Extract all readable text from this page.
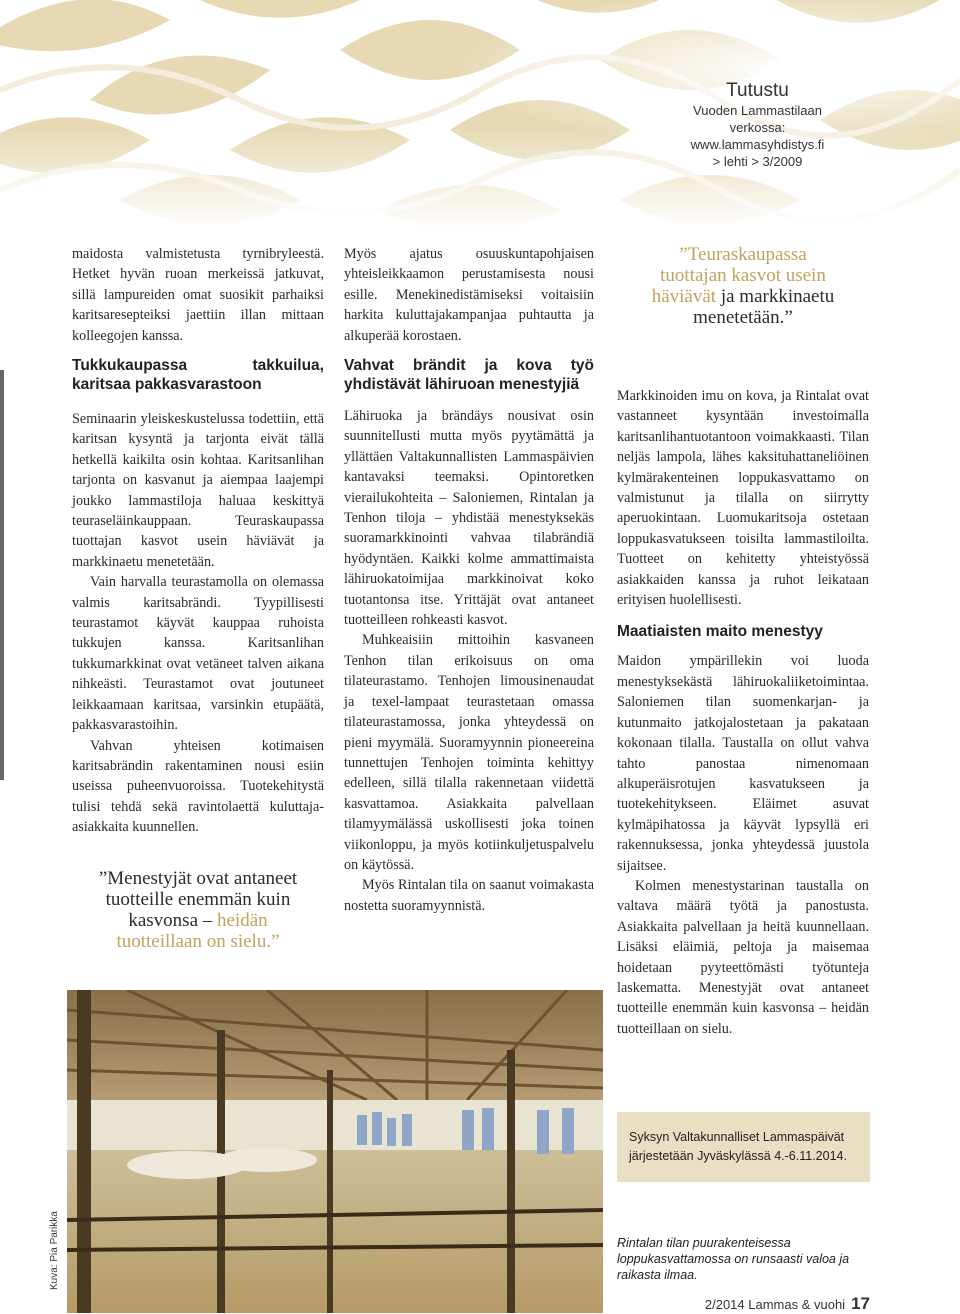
Tutustu
Vuoden Lammastilaan
verkossa:
www.lammasyhdistys.fi
> lehti > 3/2009

maidosta valmistetusta tyrnibryleestä. Hetket hyvän ruoan merkeissä jatkuvat, sillä lampureiden omat suosikit parhaiksi karitsaresepteiksi jaettiin illan mittaan kolleegojen kanssa.

Tukkukaupassa takkuilua, karitsaa pakkasvarastoon

Seminaarin yleiskeskustelussa todettiin, että karitsan kysyntä ja tarjonta eivät tällä hetkellä kaikilta osin kohtaa. Karitsanlihan tarjonta on kasvanut ja aiempaa laajempi joukko lammastiloja haluaa keskittyä teuraseläinkauppaan. Teuraskaupassa tuottajan kasvot usein häviävät ja markkinaetu menetetään.

Vain harvalla teurastamolla on olemassa valmis karitsabrändi. Tyypillisesti teurastamot käyvät kauppaa ruhoista tukkujen kanssa. Karitsanlihan tukkumarkkinat ovat vetäneet talven aikana nihkeästi. Teurastamot ovat joutuneet leikkaamaan karitsaa, varsinkin etupäätä, pakkasvarastoihin.

Vahvan yhteisen kotimaisen karitsabrändin rakentaminen nousi esiin useissa puheenvuoroissa. Tuotekehitystä tulisi tehdä sekä ravintolaettä kuluttaja-asiakkaita kuunnellen.

”Menestyjät ovat antaneet
tuotteille enemmän kuin
kasvonsa – heidän
tuotteillaan on sielu.”

Myös ajatus osuuskuntapohjaisen yhteisleikkaamon perustamisesta nousi esille. Menekinedistämiseksi voitaisiin harkita kuluttajakampanjaa puhtautta ja alkuperää korostaen.

Vahvat brändit ja kova työ yhdistävät lähiruoan menestyjiä

Lähiruoka ja brändäys nousivat osin suunnitellusti mutta myös pyytämättä ja yllättäen Valtakunnallisten Lammaspäivien kantavaksi teemaksi. Opintoretken vierailukohteita – Saloniemen, Rintalan ja Tenhon tiloja – yhdistää menestyksekäs suoramarkkinointi vahvaa tilabrändiä hyödyntäen. Kaikki kolme ammattimaista lähiruokatoimijaa markkinoivat koko tuotantonsa itse. Yrittäjät ovat antaneet tuotteilleen rohkeasti kasvot.

Muhkeaisiin mittoihin kasvaneen Tenhon tilan erikoisuus on oma tilateurastamo. Tenhojen limousinenaudat ja texel-lampaat teurastetaan omassa tilateurastamossa, jonka yhteydessä on pieni myymälä. Suoramyynnin pioneereina tunnettujen Tenhojen toiminta kehittyy edelleen, sillä tilalla rakennetaan viidettä kasvattamoa. Asiakkaita palvellaan tilamyymälässä uskollisesti joka toinen viikonloppu, ja myös kotiinkuljetuspalvelu on käytössä.

Myös Rintalan tila on saanut voimakasta nostetta suoramyynnistä.

”Teuraskaupassa
tuottajan kasvot usein
häviävät ja markkinaetu
menetetään.”

Markkinoiden imu on kova, ja Rintalat ovat vastanneet kysyntään investoimalla karitsanlihantuotantoon voimakkaasti. Tilan neljäs lampola, lähes kaksituhattaneliöinen kylmärakenteinen loppukasvattamo on valmistunut ja tilalla on siirrytty aperuokintaan. Luomukaritsoja ostetaan loppukasvatukseen toisilta lammastiloilta. Tuotteet on kehitetty yhteistyössä asiakkaiden kanssa ja ruhot leikataan erityisen huolellisesti.

Maatiaisten maito menestyy

Maidon ympärillekin voi luoda menestyksekästä lähiruokaliiketoimintaa. Saloniemen tilan suomenkarjan- ja kutunmaito jatkojalostetaan ja pakataan kokonaan tilalla. Taustalla on ollut vahva tahto panostaa nimenomaan alkuperäisrotujen kasvatukseen ja tuotekehitykseen. Eläimet asuvat kylmäpihatossa ja käyvät lypsyllä eri rakennuksessa, jonka yhteydessä juustola sijaitsee.

Kolmen menestystarinan taustalla on valtava määrä työtä ja panostusta. Asiakkaita palvellaan ja heitä kuunnellaan. Lisäksi eläimiä, peltoja ja maisemaa hoidetaan pyyteettömästi työtunteja laskematta. Menestyjät ovat antaneet tuotteille enemmän kuin kasvonsa – heidän tuotteillaan on sielu.

Kuva: Pia Parikka
Syksyn Valtakunnalliset Lammaspäivät
järjestetään Jyväskylässä 4.-6.11.2014.
Rintalan tilan puurakenteisessa loppukasvattamossa on runsaasti valoa ja raikasta ilmaa.
2/2014 Lammas & vuohi 17
